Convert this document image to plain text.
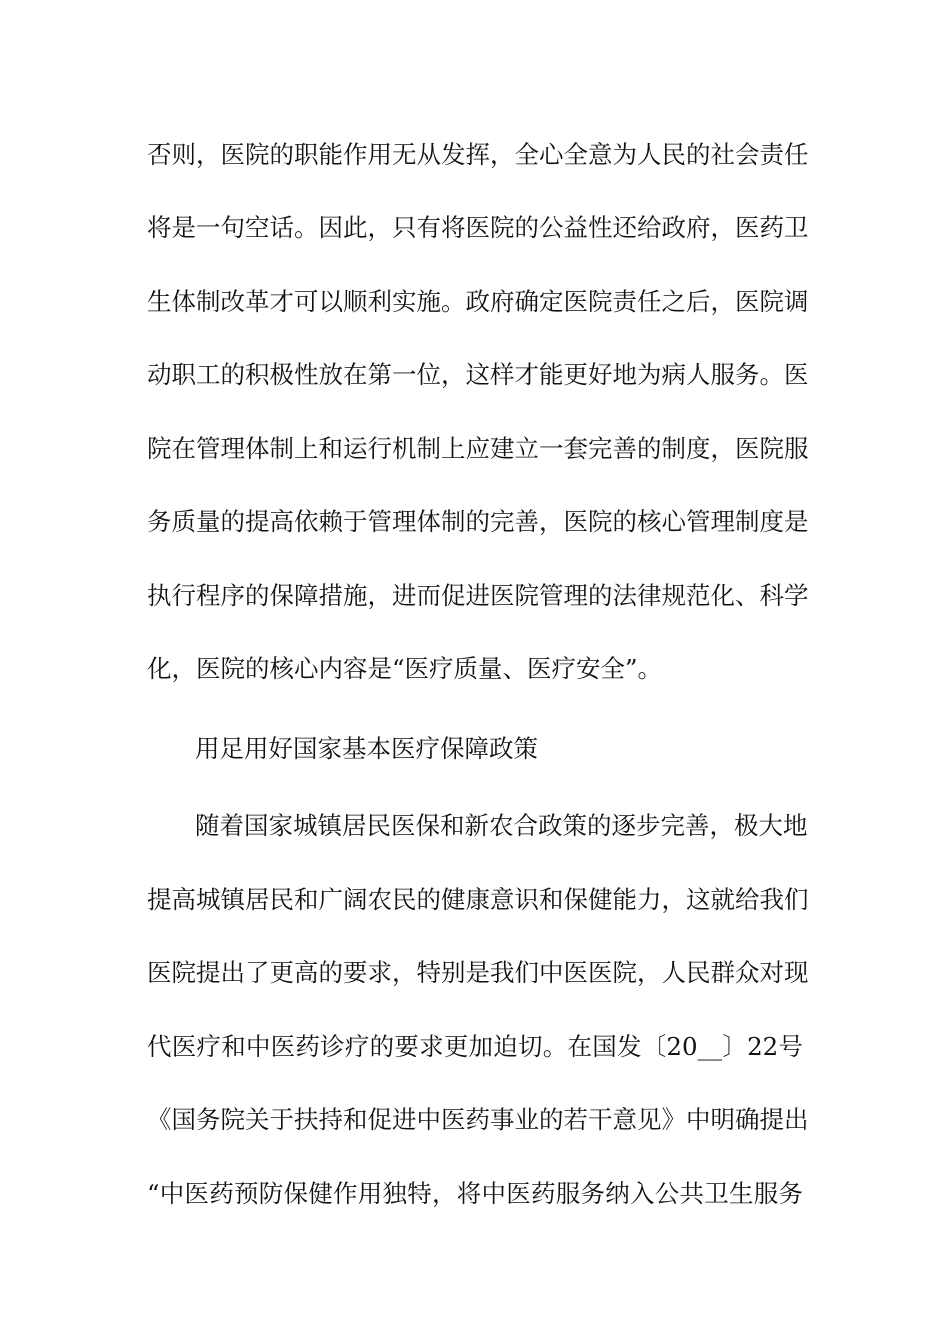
否则，医院的职能作用无从发挥，全心全意为人民的社会责任
将是一句空话。因此，只有将医院的公益性还给政府，医药卫
生体制改革才可以顺利实施。政府确定医院责任之后，医院调
动职工的积极性放在第一位，这样才能更好地为病人服务。医
院在管理体制上和运行机制上应建立一套完善的制度，医院服
务质量的提高依赖于管理体制的完善，医院的核心管理制度是
执行程序的保障措施，进而促进医院管理的法律规范化、科学
化，医院的核心内容是“医疗质量、医疗安全”。
用足用好国家基本医疗保障政策
随着国家城镇居民医保和新农合政策的逐步完善，极大地
提高城镇居民和广阔农民的健康意识和保健能力，这就给我们
医院提出了更高的要求，特别是我们中医医院，人民群众对现
代医疗和中医药诊疗的要求更加迫切。在国发〔20__〕22号
《国务院关于扶持和促进中医药事业的若干意见》中明确提出
“中医药预防保健作用独特，将中医药服务纳入公共卫生服务
